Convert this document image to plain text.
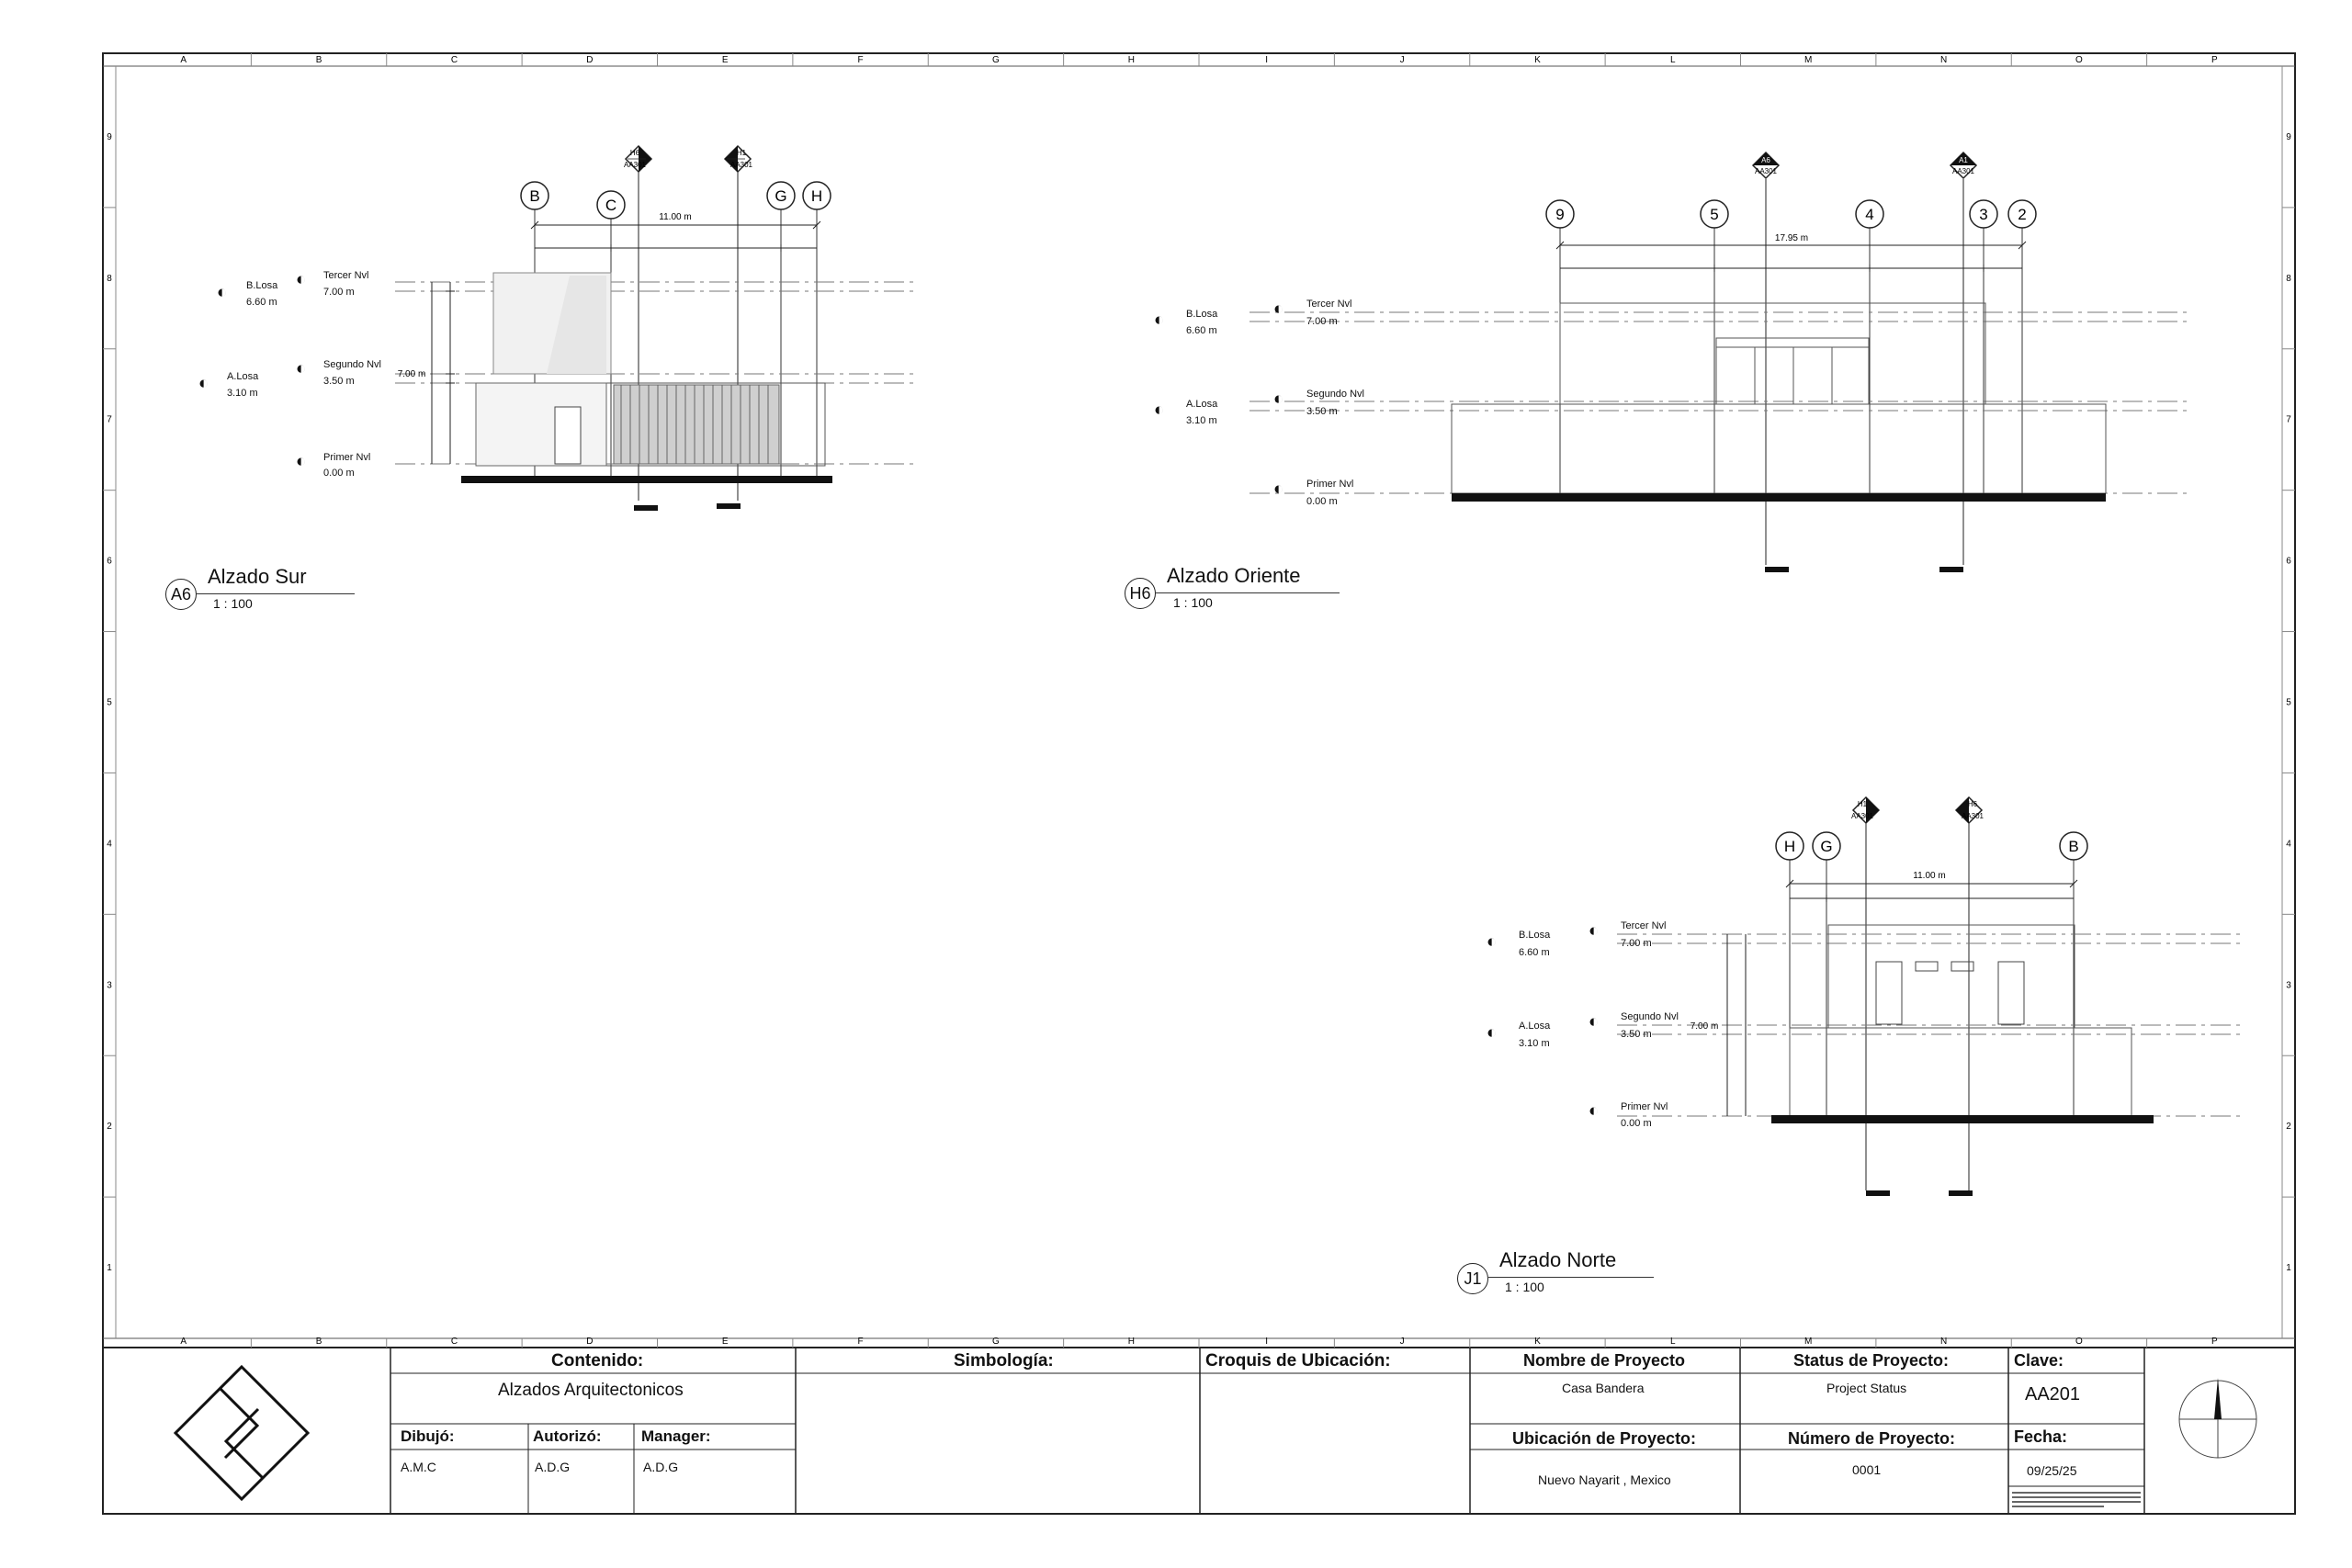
A
A
B
B
C
C
D
D
E
E
F
F
G
G
H
H
I
I
J
J
K
K
L
L
M
M
N
N
O
O
P
P
9	9
8	8
7	7
6	6
5	5
4	4
3	3
2	2
1	1
H6
AA301
H1
AA301
B
C
G H
11.00 m
7.00 m
A6
AA301
A1
AA301
9	5	4	3 2
17.95 m
H1
AA301
H6
AA301
H G	B
11.00 m
7.00 m
◐ Tercer Nvl
7.00 m
◐ Segundo Nvl
3.50 m
◐ Primer Nvl
0.00 m
◐ B.Losa
6.60 m
◐ A.Losa
3.10 m
A6
Alzado Sur
1 : 100
◐ Tercer Nvl
7.00 m
◐ Segundo Nvl
3.50 m
◐ Primer Nvl
0.00 m
◐ B.Losa
6.60 m
◐ A.Losa
3.10 m
H6
Alzado Oriente
1 : 100
◐ Tercer Nvl
7.00 m
◐ Segundo Nvl
3.50 m
◐ Primer Nvl
0.00 m
◐ B.Losa
6.60 m
◐ A.Losa
3.10 m
J1
Alzado Norte
1 : 100
Contenido:
Alzados Arquitectonicos
Dibujó:
A.M.C
Autorizó:
A.D.G
Manager:
A.D.G
Simbología:	Croquis de Ubicación:	Nombre de Proyecto
Casa Bandera
Ubicación de Proyecto:
Nuevo Nayarit , Mexico
Status de Proyecto:
Project Status
Número de Proyecto:
0001
Clave:
AA201
Fecha:
09/25/25
